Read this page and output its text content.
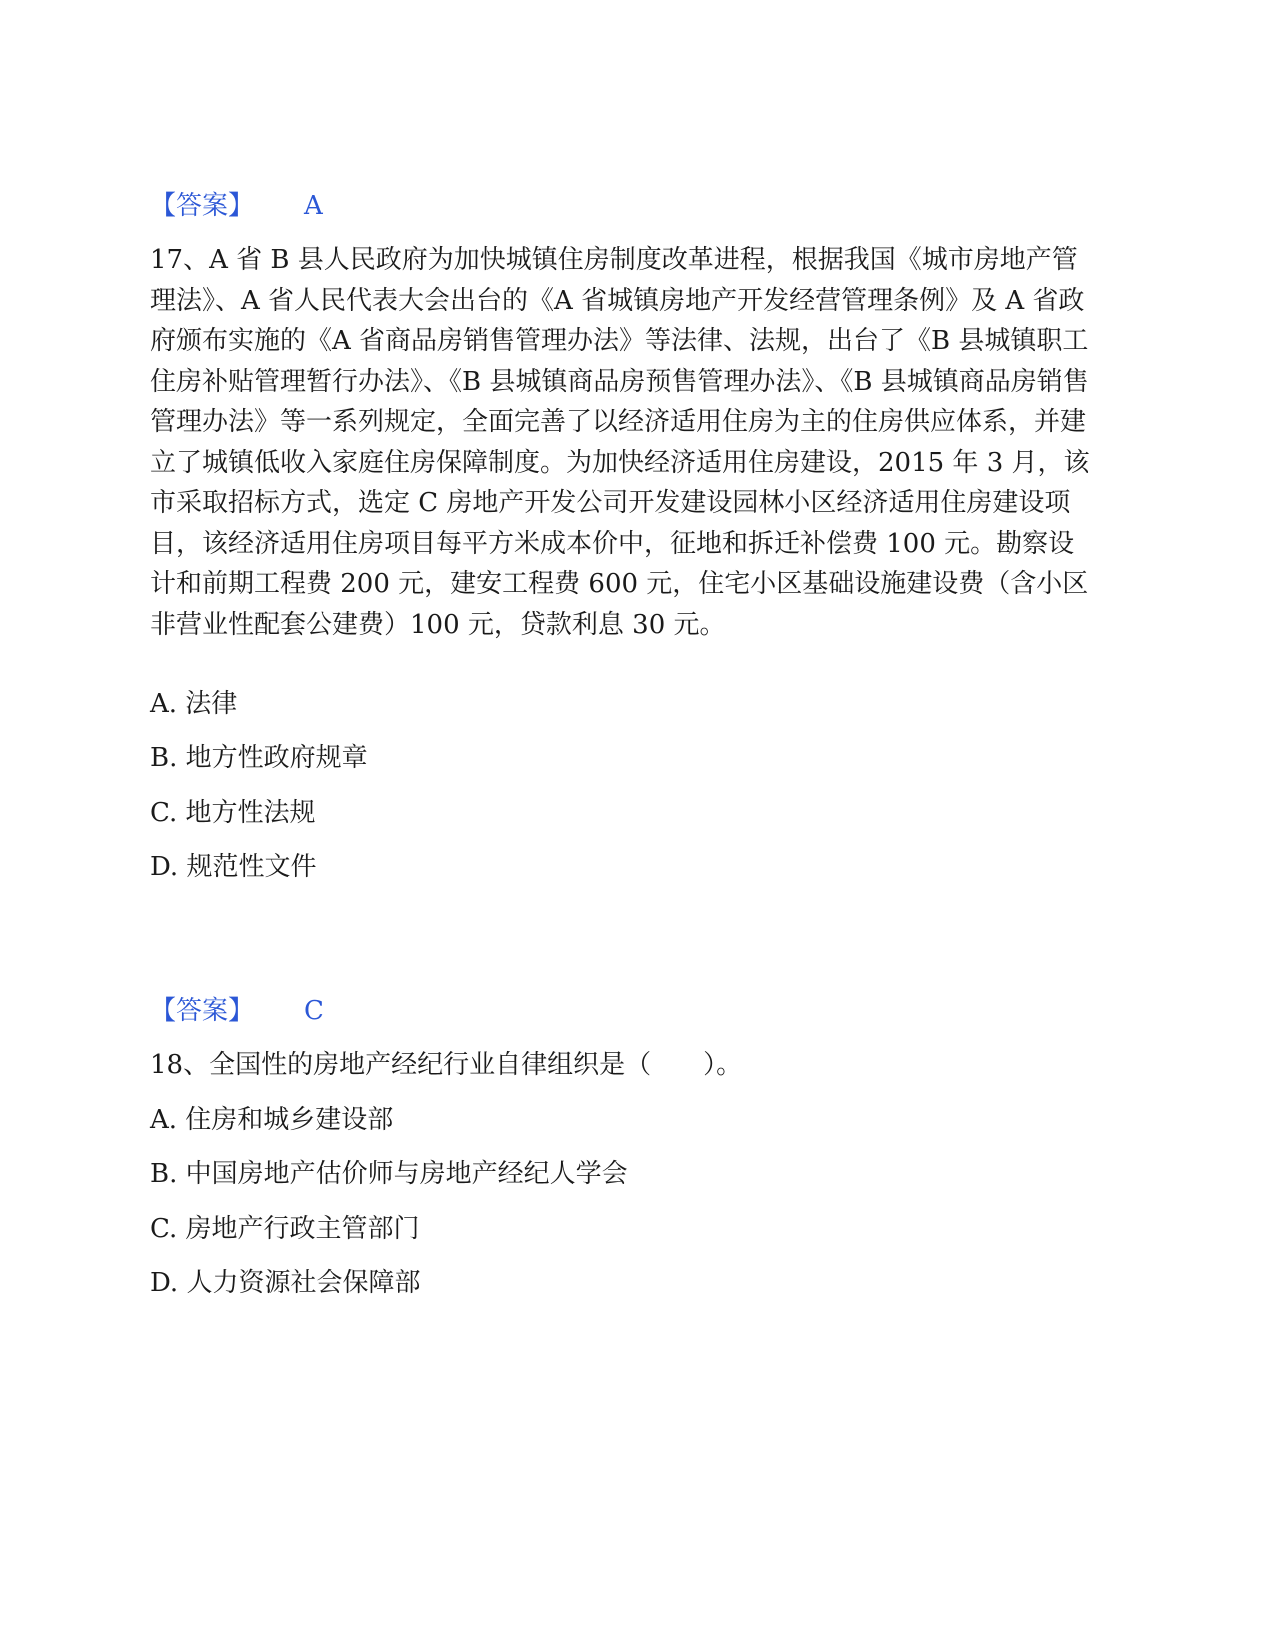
【答案】 A
17、A 省 B 县人民政府为加快城镇住房制度改革进程，根据我国《城市房地产管理法》、A 省人民代表大会出台的《A 省城镇房地产开发经营管理条例》及 A 省政府颁布实施的《A 省商品房销售管理办法》等法律、法规，出台了《B 县城镇职工住房补贴管理暂行办法》、《B 县城镇商品房预售管理办法》、《B 县城镇商品房销售管理办法》等一系列规定，全面完善了以经济适用住房为主的住房供应体系，并建立了城镇低收入家庭住房保障制度。为加快经济适用住房建设，2015 年 3 月，该市采取招标方式，选定 C 房地产开发公司开发建设园林小区经济适用住房建设项目，该经济适用住房项目每平方米成本价中，征地和拆迁补偿费 100 元。勘察设计和前期工程费 200 元，建安工程费 600 元，住宅小区基础设施建设费（含小区非营业性配套公建费）100 元，贷款利息 30 元。
A. 法律
B. 地方性政府规章
C. 地方性法规
D. 规范性文件
【答案】 C
18、全国性的房地产经纪行业自律组织是（　　）。
A. 住房和城乡建设部
B. 中国房地产估价师与房地产经纪人学会
C. 房地产行政主管部门
D. 人力资源社会保障部
